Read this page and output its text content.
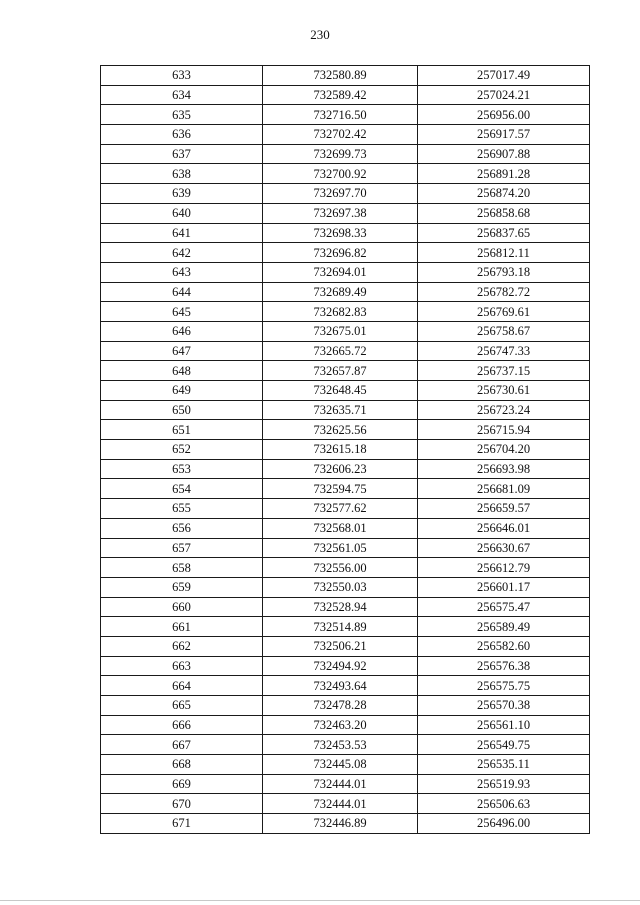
230
633	732580.89	257017.49
634	732589.42	257024.21
635	732716.50	256956.00
636	732702.42	256917.57
637	732699.73	256907.88
638	732700.92	256891.28
639	732697.70	256874.20
640	732697.38	256858.68
641	732698.33	256837.65
642	732696.82	256812.11
643	732694.01	256793.18
644	732689.49	256782.72
645	732682.83	256769.61
646	732675.01	256758.67
647	732665.72	256747.33
648	732657.87	256737.15
649	732648.45	256730.61
650	732635.71	256723.24
651	732625.56	256715.94
652	732615.18	256704.20
653	732606.23	256693.98
654	732594.75	256681.09
655	732577.62	256659.57
656	732568.01	256646.01
657	732561.05	256630.67
658	732556.00	256612.79
659	732550.03	256601.17
660	732528.94	256575.47
661	732514.89	256589.49
662	732506.21	256582.60
663	732494.92	256576.38
664	732493.64	256575.75
665	732478.28	256570.38
666	732463.20	256561.10
667	732453.53	256549.75
668	732445.08	256535.11
669	732444.01	256519.93
670	732444.01	256506.63
671	732446.89	256496.00
